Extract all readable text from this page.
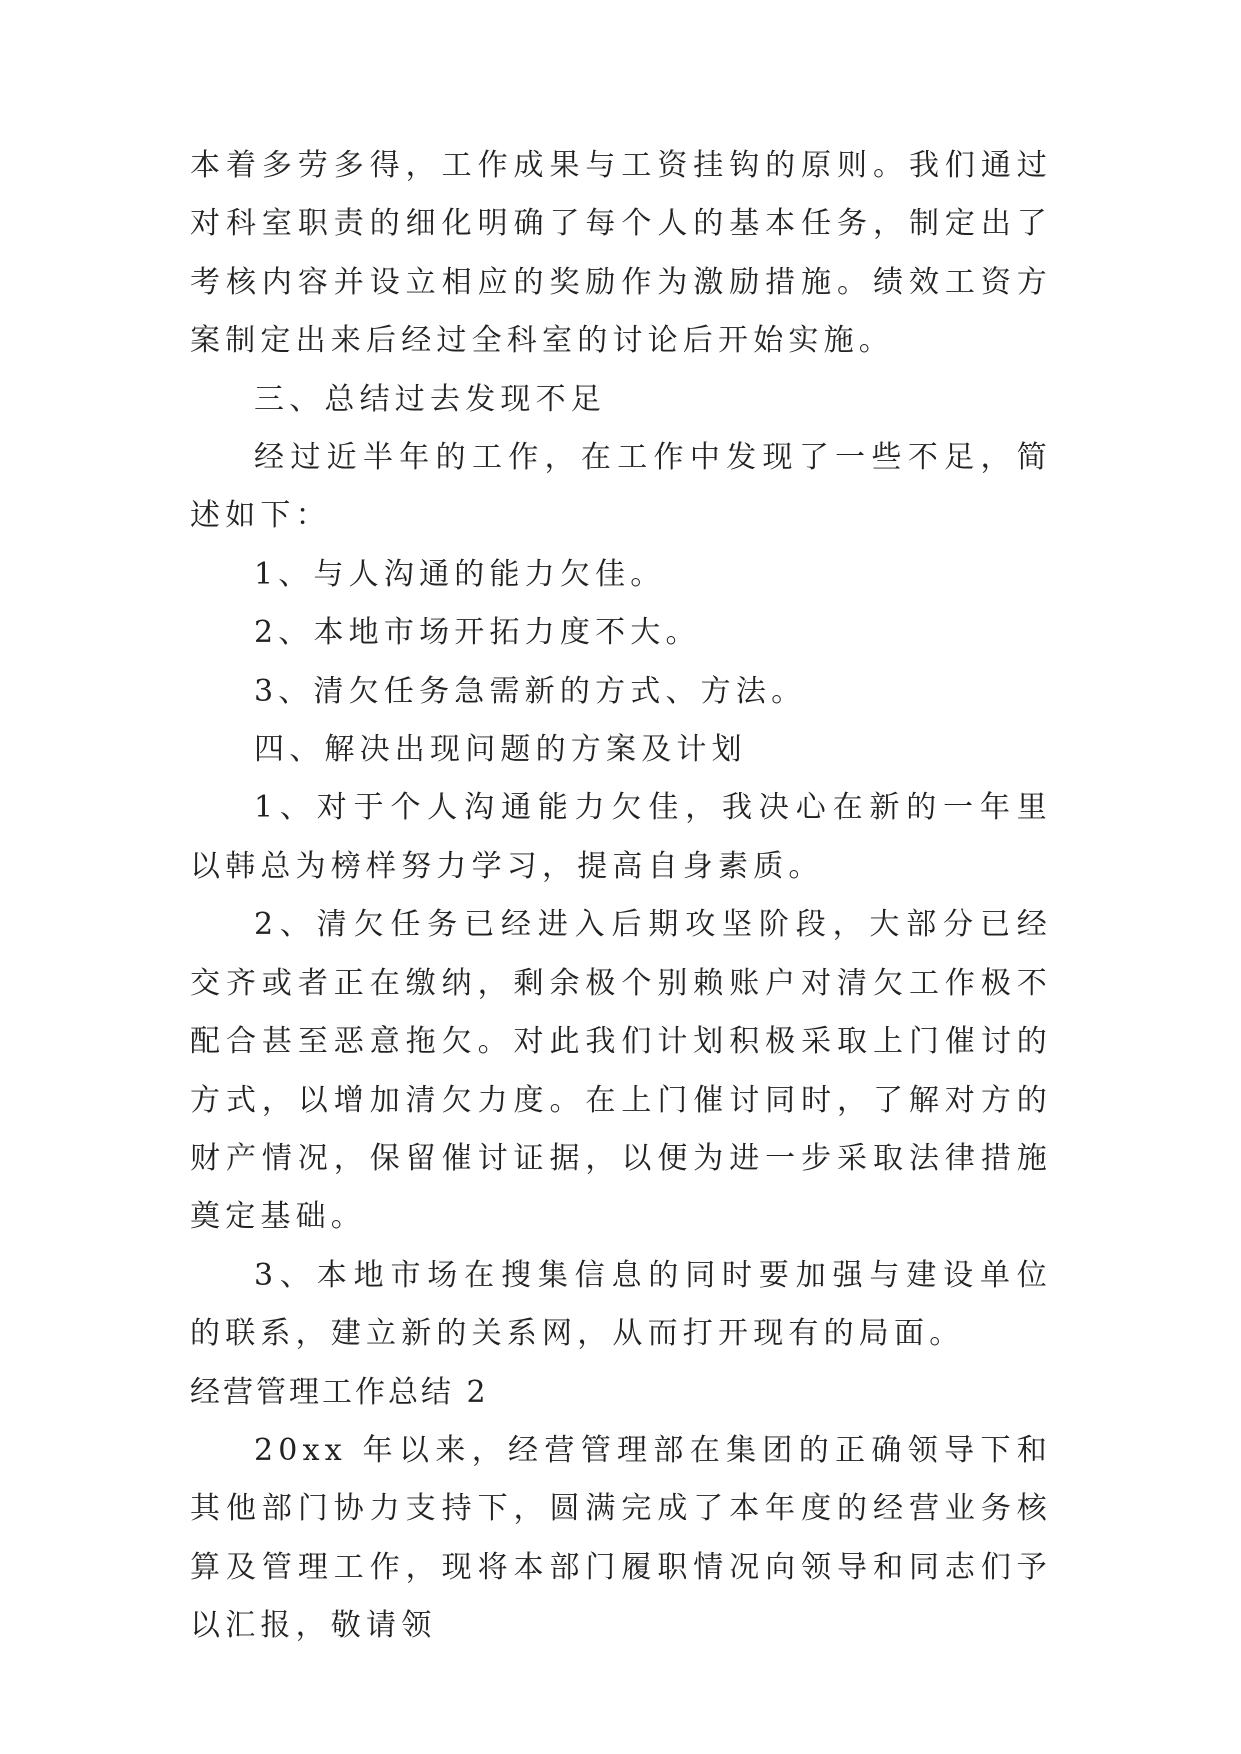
本着多劳多得，工作成果与工资挂钩的原则。我们通过对科室职责的细化明确了每个人的基本任务，制定出了考核内容并设立相应的奖励作为激励措施。绩效工资方案制定出来后经过全科室的讨论后开始实施。

三、总结过去发现不足

经过近半年的工作，在工作中发现了一些不足，简述如下：

1、与人沟通的能力欠佳。

2、本地市场开拓力度不大。

3、清欠任务急需新的方式、方法。

四、解决出现问题的方案及计划

1、对于个人沟通能力欠佳，我决心在新的一年里以韩总为榜样努力学习，提高自身素质。

2、清欠任务已经进入后期攻坚阶段，大部分已经交齐或者正在缴纳，剩余极个别赖账户对清欠工作极不配合甚至恶意拖欠。对此我们计划积极采取上门催讨的方式，以增加清欠力度。在上门催讨同时，了解对方的财产情况，保留催讨证据，以便为进一步采取法律措施奠定基础。

3、本地市场在搜集信息的同时要加强与建设单位的联系，建立新的关系网，从而打开现有的局面。

经营管理工作总结 2

20xx 年以来，经营管理部在集团的正确领导下和其他部门协力支持下，圆满完成了本年度的经营业务核算及管理工作，现将本部门履职情况向领导和同志们予以汇报，敬请领
